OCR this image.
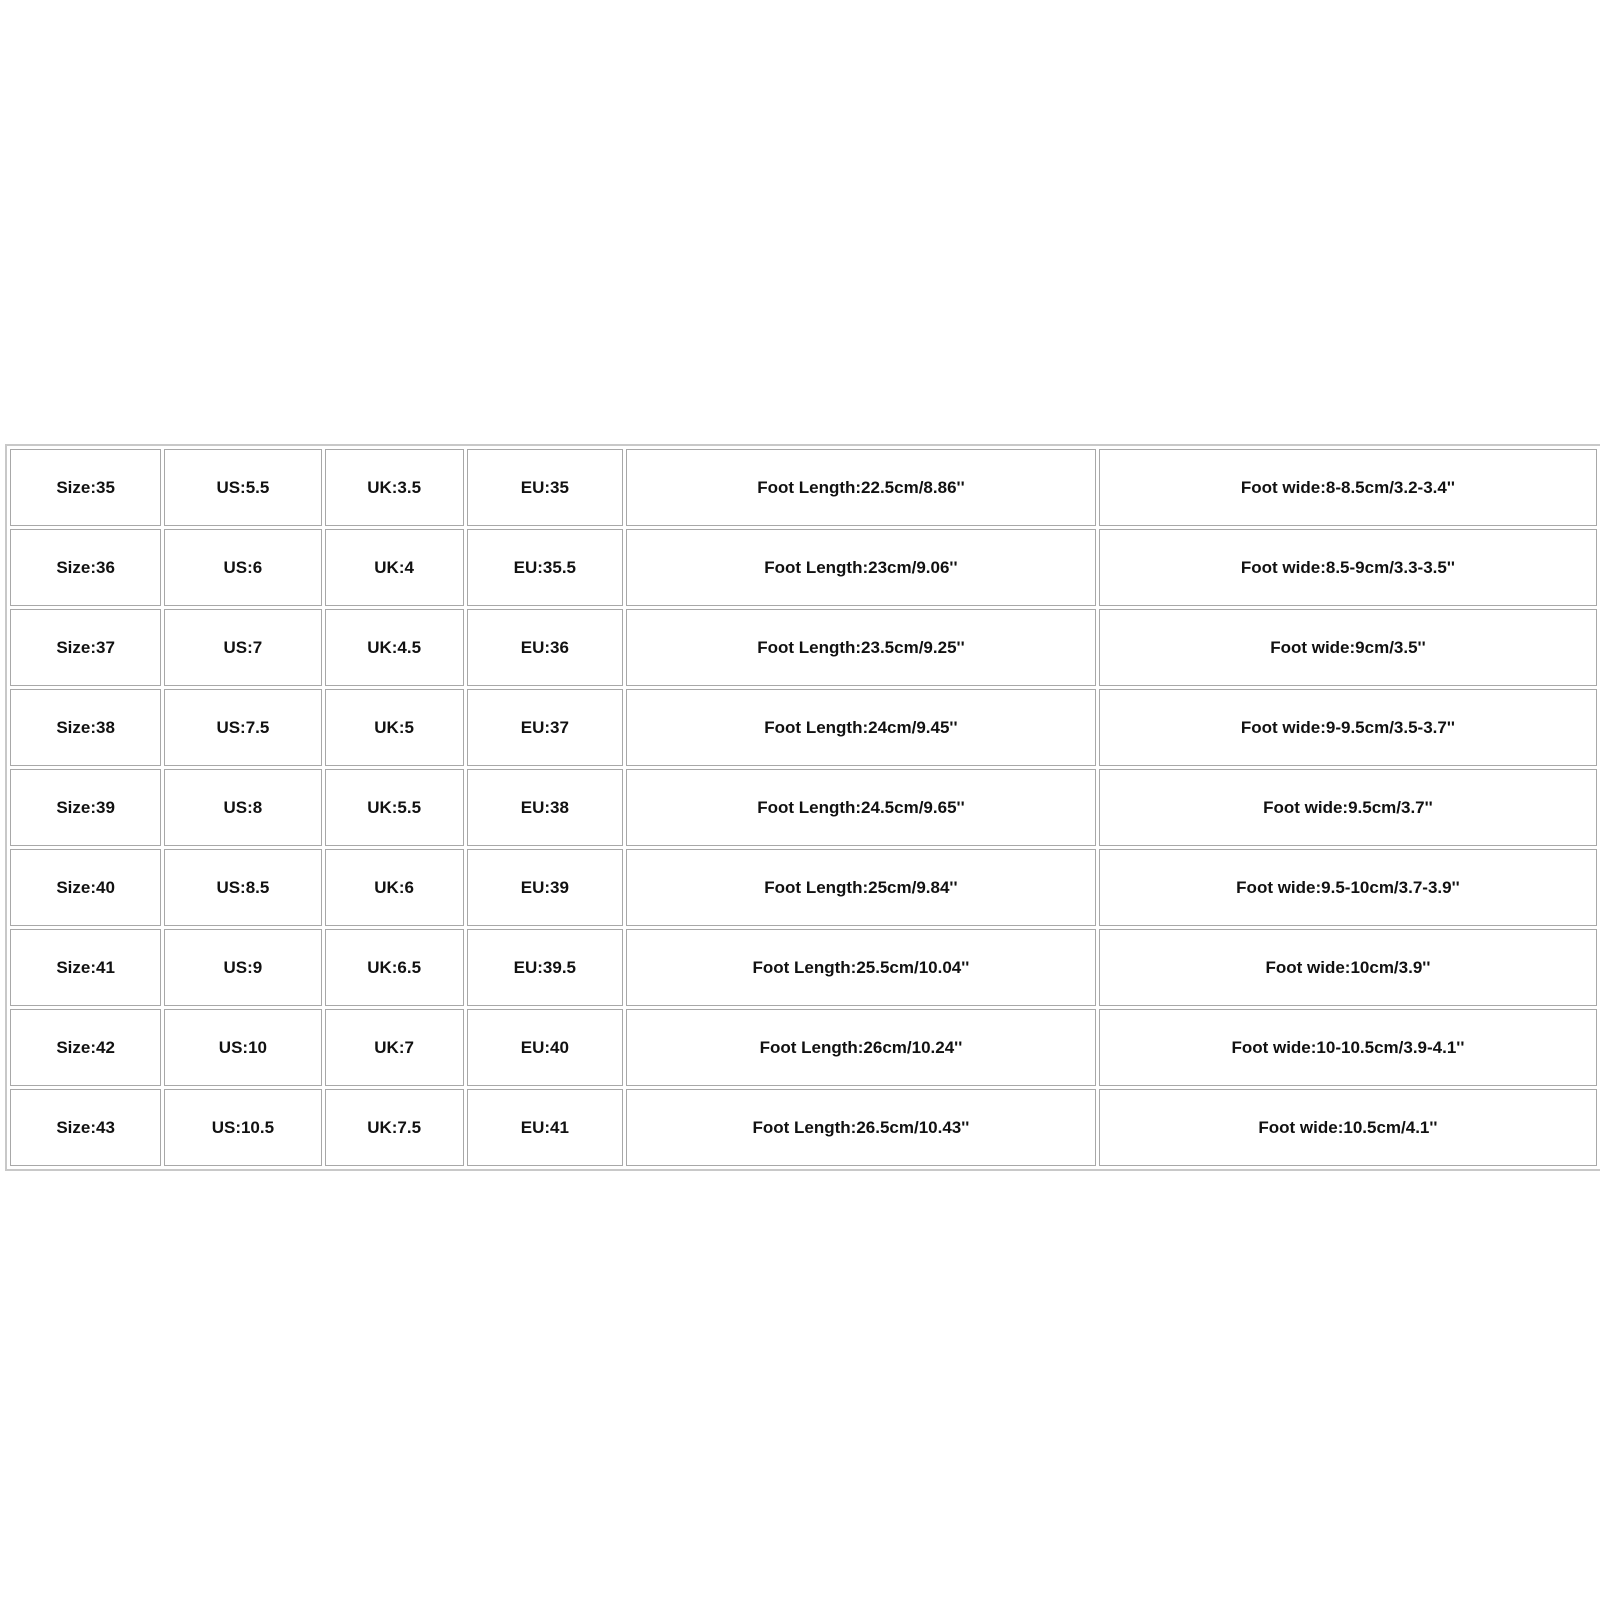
Size:35	US:5.5	UK:3.5	EU:35	Foot Length:22.5cm/8.86''	Foot wide:8-8.5cm/3.2-3.4''
Size:36	US:6	UK:4	EU:35.5	Foot Length:23cm/9.06''	Foot wide:8.5-9cm/3.3-3.5''
Size:37	US:7	UK:4.5	EU:36	Foot Length:23.5cm/9.25''	Foot wide:9cm/3.5''
Size:38	US:7.5	UK:5	EU:37	Foot Length:24cm/9.45''	Foot wide:9-9.5cm/3.5-3.7''
Size:39	US:8	UK:5.5	EU:38	Foot Length:24.5cm/9.65''	Foot wide:9.5cm/3.7''
Size:40	US:8.5	UK:6	EU:39	Foot Length:25cm/9.84''	Foot wide:9.5-10cm/3.7-3.9''
Size:41	US:9	UK:6.5	EU:39.5	Foot Length:25.5cm/10.04''	Foot wide:10cm/3.9''
Size:42	US:10	UK:7	EU:40	Foot Length:26cm/10.24''	Foot wide:10-10.5cm/3.9-4.1''
Size:43	US:10.5	UK:7.5	EU:41	Foot Length:26.5cm/10.43''	Foot wide:10.5cm/4.1''
